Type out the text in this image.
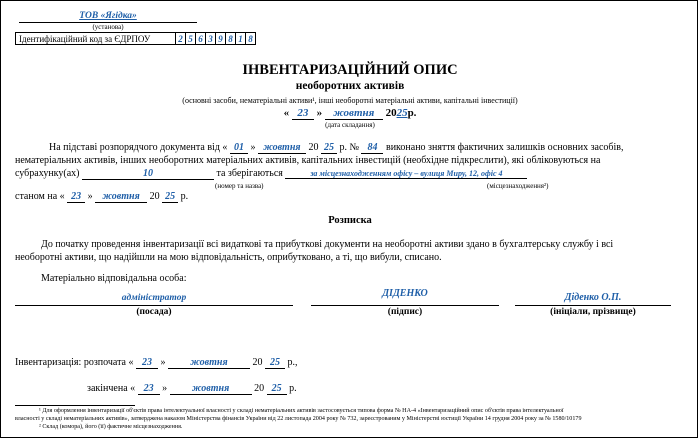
ТОВ «Ягідка»
(установа)
Ідентифікаційний код за ЄДРПОУ	2	5	6	3	9	8	1	8
ІНВЕНТАРИЗАЦІЙНИЙ ОПИС
необоротних активів
(основні засоби, нематеріальні активи¹, інші необоротні матеріальні активи, капітальні інвестиції)
« 23 » жовтня 2025р.
(дата складання)
На підставі розпорядчого документа від « 01 » жовтня 20 25 р. № 84 виконано зняття фактичних залишків основних засобів,
нематеріальних активів, інших необоротних матеріальних активів, капітальних інвестицій (необхідне підкреслити), які обліковуються на
субрахунку(ах)	10	та зберігаються	за місцезнаходженням офісу – вулиця Миру, 12, офіс 4
(номер та назва)	(місцезнаходження²)
станом на « 23 » жовтня 20 25 р.
Розписка
До початку проведення інвентаризації всі видаткові та прибуткові документи на необоротні активи здано в бухгалтерську службу і всі
необоротні активи, що надійшли на мою відповідальність, оприбутковано, а ті, що вибули, списано.
Матеріально відповідальна особа:
адміністратор
(посада)
ДІДЕНКО
(підпис)
Діденко О.П.
(ініціали, прізвище)
Інвентаризація: розпочата « 23 » жовтня 20 25 р.,
закінчена « 23 » жовтня 20 25 р.
¹ Для оформлення інвентаризації об'єктів права інтелектуальної власності у складі нематеріальних активів застосовується типова форма № НА-4 «Інвентаризаційний опис об'єктів права інтелектуальної
власності у складі нематеріальних активів», затверджена наказом Міністерства фінансів України від 22 листопада 2004 року № 732, зареєстрованим у Міністерстві юстиції України 14 грудня 2004 року за № 1580/10179
² Склад (комора), його (її) фактичне місцезнаходження.
